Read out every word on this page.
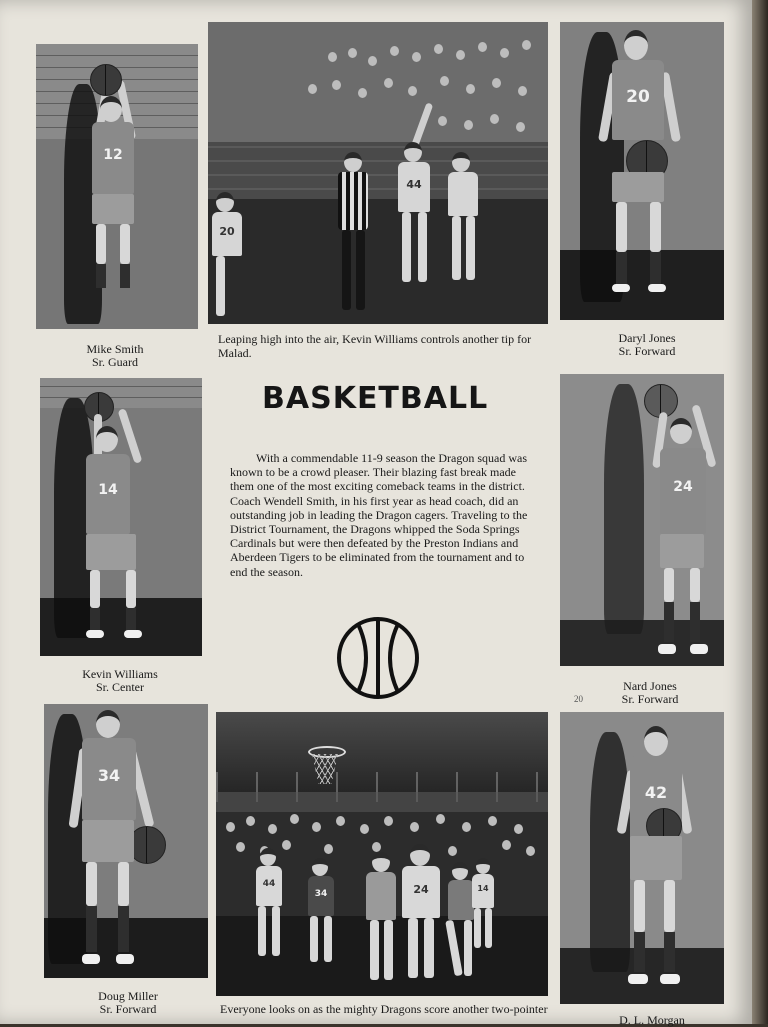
12
Mike Smith
Sr. Guard
44
20
Leaping high into the air, Kevin Williams controls another tip for Malad.
20
Daryl Jones
Sr. Forward
14
Kevin Williams
Sr. Center
BASKETBALL
With a commendable 11-9 season the Dragon squad was known to be a crowd pleaser. Their blazing fast break made them one of the most exciting comeback teams in the district. Coach Wendell Smith, in his first year as head coach, did an outstanding job in leading the Dragon cagers. Traveling to the District Tournament, the Dragons whipped the Soda Springs Cardinals but were then defeated by the Preston Indians and Aberdeen Tigers to be eliminated from the tournament and to end the season.
24
20
Nard Jones
Sr. Forward
34
Doug Miller
Sr. Forward
44
34	24	14
Everyone looks on as the mighty Dragons score another two-pointer
42
D. L. Morgan
